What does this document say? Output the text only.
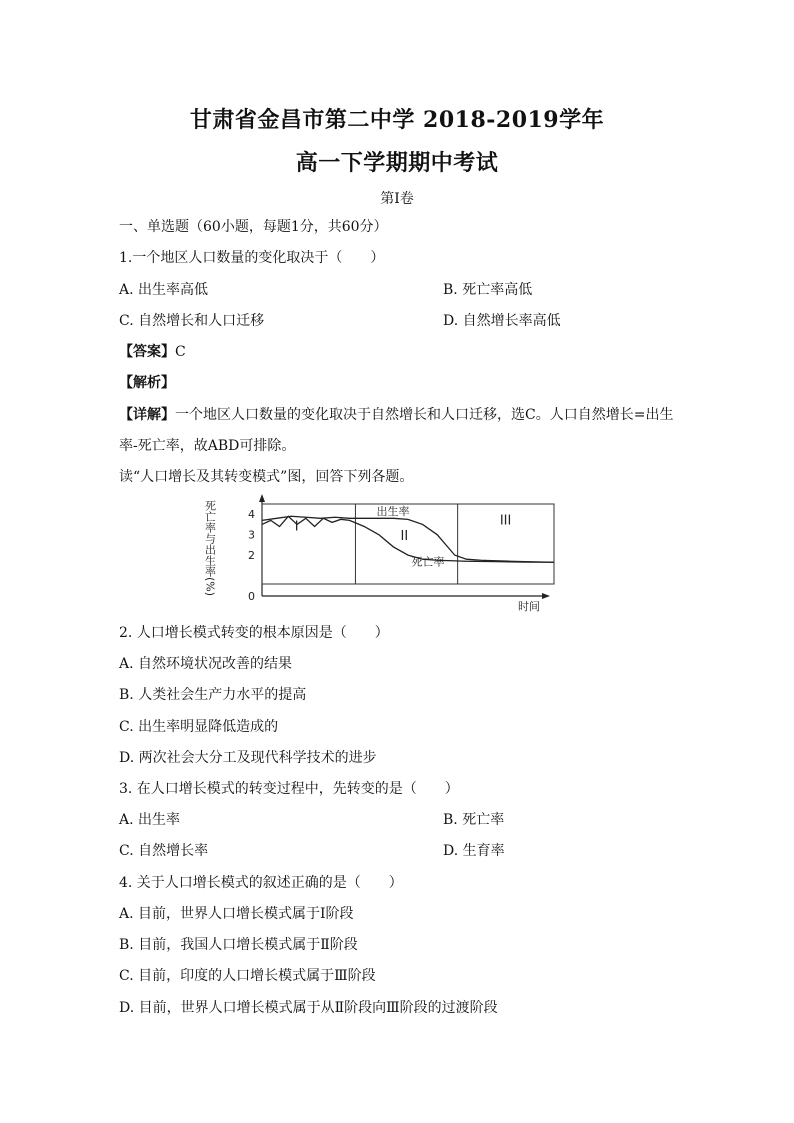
甘肃省金昌市第二中学 2018-2019学年
高一下学期期中考试
第Ⅰ卷
一、单选题（60小题，每题1分，共60分）
1.一个地区人口数量的变化取决于（　　）
A. 出生率高低	B. 死亡率高低
C. 自然增长和人口迁移	D. 自然增长率高低
【答案】C
【解析】
【详解】一个地区人口数量的变化取决于自然增长和人口迁移，选C。人口自然增长=出生
率-死亡率，故ABD可排除。
读“人口增长及其转变模式”图，回答下列各题。
死亡率与出生率(%)	4
3
2
0
I
II
III
出生率
死亡率
时间
2. 人口增长模式转变的根本原因是（　　）
A. 自然环境状况改善的结果
B. 人类社会生产力水平的提高
C. 出生率明显降低造成的
D. 两次社会大分工及现代科学技术的进步
3. 在人口增长模式的转变过程中，先转变的是（　　）
A. 出生率	B. 死亡率
C. 自然增长率	D. 生育率
4. 关于人口增长模式的叙述正确的是（　　）
A. 目前，世界人口增长模式属于Ⅰ阶段
B. 目前，我国人口增长模式属于Ⅱ阶段
C. 目前，印度的人口增长模式属于Ⅲ阶段
D. 目前，世界人口增长模式属于从Ⅱ阶段向Ⅲ阶段的过渡阶段
